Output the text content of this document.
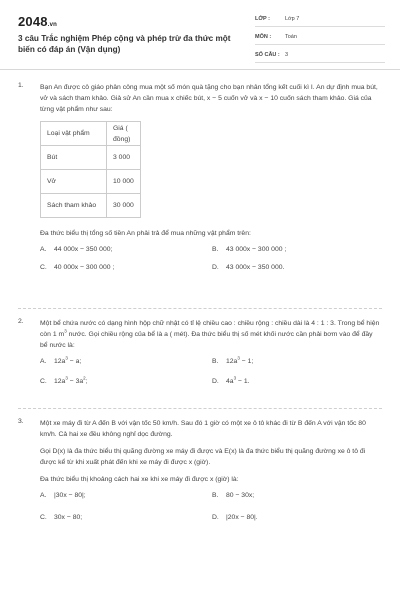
2048.vn
3 câu Trắc nghiệm Phép cộng và phép trừ đa thức một biến có đáp án (Vận dụng)
LỚP :	Lớp 7
MÔN :	Toán
SỐ CÂU : 3
1. Bạn An được cô giáo phân công mua một số món quà tặng cho bạn nhân tổng kết cuối kì I. An dự định mua bút, vở và sách tham khảo. Giả sử An cần mua x chiếc bút, x − 5 cuốn vở và x − 10 cuốn sách tham khảo. Giá của từng vật phẩm như sau:
Loại vật phẩm	Giá ( đồng)
Bút	3 000
Vở	10 000
Sách tham khảo	30 000
Đa thức biểu thị tổng số tiền An phải trả để mua những vật phẩm trên:
A.	44 000x − 350 000;	B.	43 000x − 300 000 ;
C.	40 000x − 300 000 ;	D.	43 000x − 350 000.
2. Một bể chứa nước có dạng hình hộp chữ nhật có tỉ lệ chiều cao : chiều rộng : chiều dài là 4 : 1 : 3. Trong bể hiện còn 1 $m^3$ nước. Gọi chiều rộng của bể là a ( mét). Đa thức biểu thị số mét khối nước cần phải bơm vào để đầy bể nước là:
A.	$12a^3 - a$;	B.	$12a^3 - 1$;
C.	$12a^3 - 3a^2$;	D.	$4a^3 - 1$.
3. Một xe máy đi từ A đến B với vận tốc 50 km/h. Sau đó 1 giờ có một xe ô tô khác đi từ B đến A với vận tốc 80 km/h. Cả hai xe đều không nghỉ dọc đường.

Gọi D(x) là đa thức biểu thị quãng đường xe máy đi được và E(x) là đa thức biểu thị quãng đường xe ô tô đi được kể từ khi xuất phát đến khi xe máy đi được x (giờ).

Đa thức biểu thị khoảng cách hai xe khi xe máy đi được x (giờ) là:

A.	|30x − 80|;	B.	80 − 30x;
C.	30x − 80;	D.	|20x − 80|.
